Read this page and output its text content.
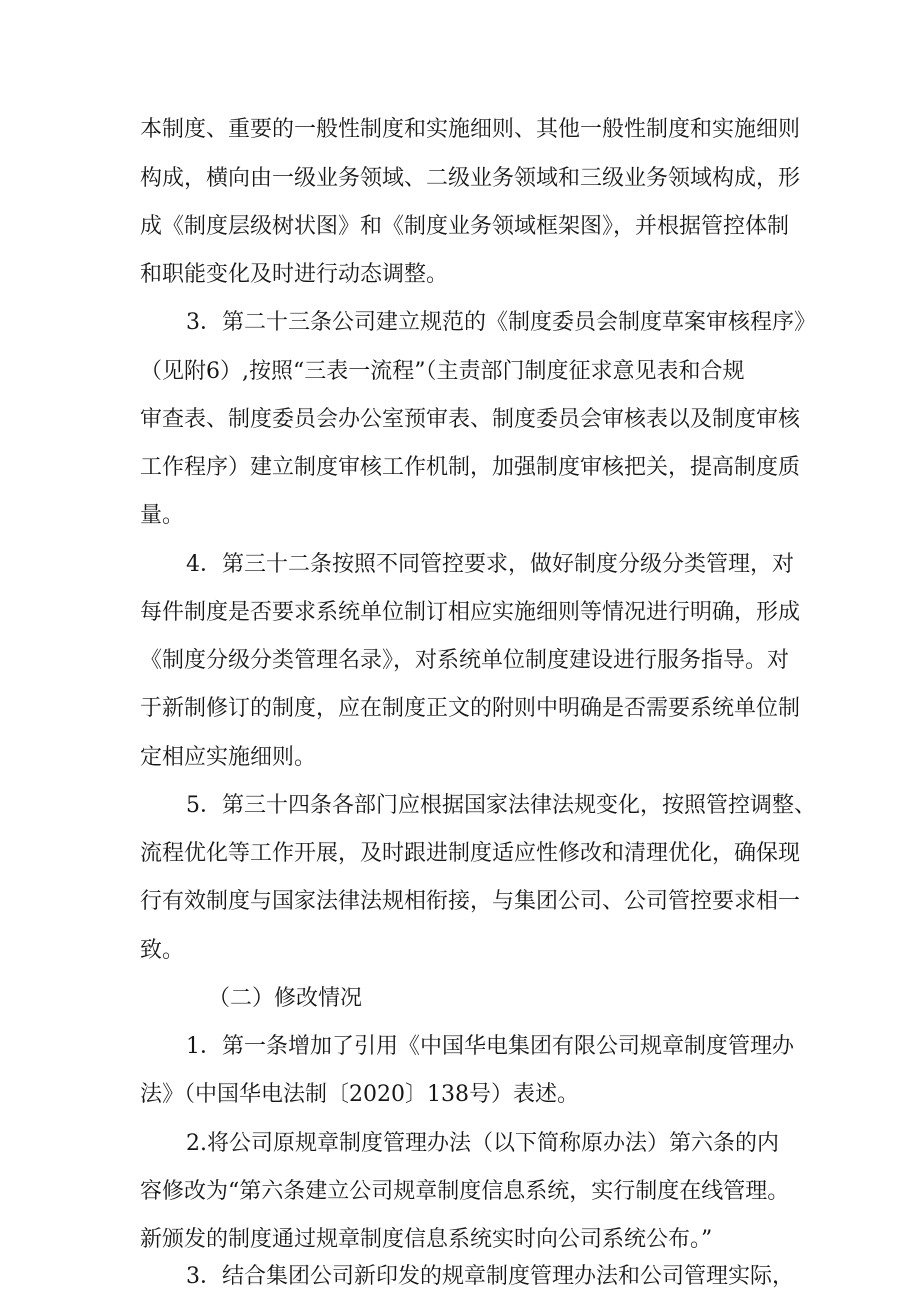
本制度、重要的一般性制度和实施细则、其他一般性制度和实施细则
构成，横向由一级业务领域、二级业务领域和三级业务领域构成，形
成《制度层级树状图》和《制度业务领域框架图》，并根据管控体制
和职能变化及时进行动态调整。
3．第二十三条公司建立规范的《制度委员会制度草案审核程序》
（见附6）,按照“三表一流程”（主责部门制度征求意见表和合规
审查表、制度委员会办公室预审表、制度委员会审核表以及制度审核
工作程序）建立制度审核工作机制，加强制度审核把关，提高制度质
量。
4．第三十二条按照不同管控要求，做好制度分级分类管理，对
每件制度是否要求系统单位制订相应实施细则等情况进行明确，形成
《制度分级分类管理名录》，对系统单位制度建设进行服务指导。对
于新制修订的制度，应在制度正文的附则中明确是否需要系统单位制
定相应实施细则。
5．第三十四条各部门应根据国家法律法规变化，按照管控调整、
流程优化等工作开展，及时跟进制度适应性修改和清理优化，确保现
行有效制度与国家法律法规相衔接，与集团公司、公司管控要求相一
致。
（二）修改情况
1．第一条增加了引用《中国华电集团有限公司规章制度管理办
法》（中国华电法制〔2020〕138号）表述。
2.将公司原规章制度管理办法（以下简称原办法）第六条的内
容修改为“第六条建立公司规章制度信息系统，实行制度在线管理。
新颁发的制度通过规章制度信息系统实时向公司系统公布。”
3．结合集团公司新印发的规章制度管理办法和公司管理实际，
